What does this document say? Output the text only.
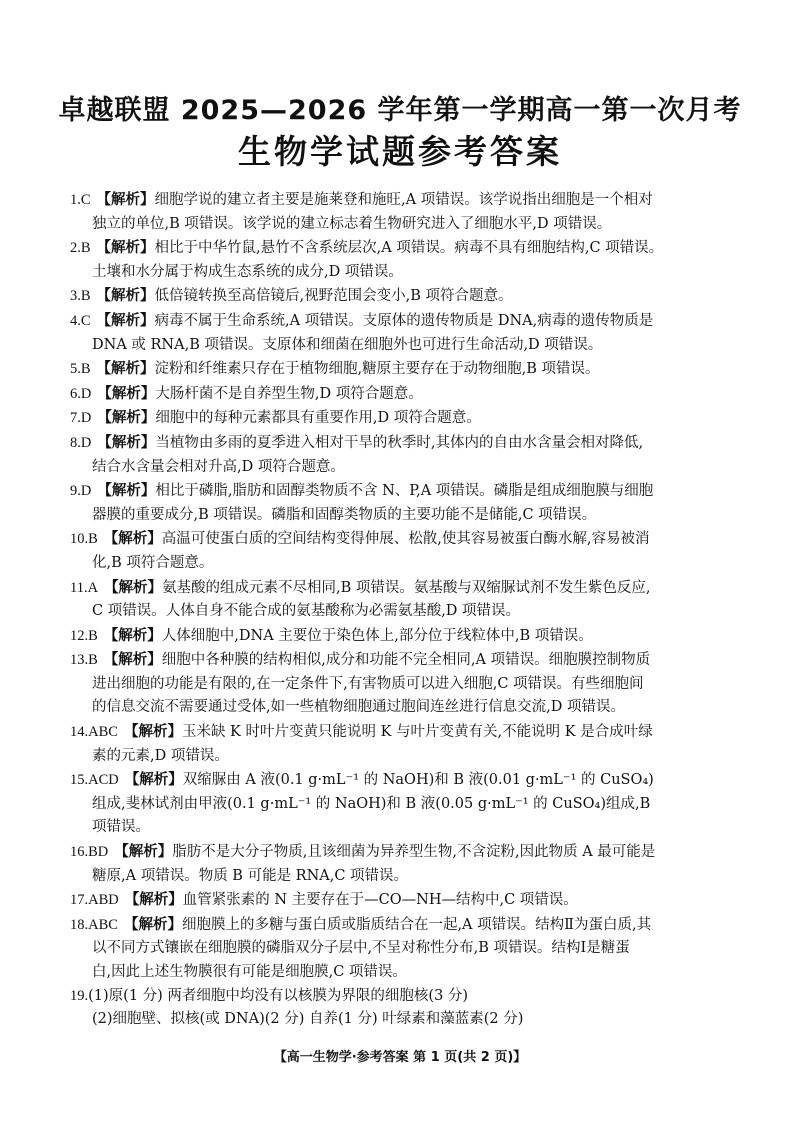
卓越联盟 2025—2026 学年第一学期高一第一次月考
生物学试题参考答案
1.C 【解析】细胞学说的建立者主要是施莱登和施旺,A 项错误。该学说指出细胞是一个相对
独立的单位,B 项错误。该学说的建立标志着生物研究进入了细胞水平,D 项错误。
2.B 【解析】相比于中华竹鼠,悬竹不含系统层次,A 项错误。病毒不具有细胞结构,C 项错误。
土壤和水分属于构成生态系统的成分,D 项错误。
3.B 【解析】低倍镜转换至高倍镜后,视野范围会变小,B 项符合题意。
4.C 【解析】病毒不属于生命系统,A 项错误。支原体的遗传物质是 DNA,病毒的遗传物质是
DNA 或 RNA,B 项错误。支原体和细菌在细胞外也可进行生命活动,D 项错误。
5.B 【解析】淀粉和纤维素只存在于植物细胞,糖原主要存在于动物细胞,B 项错误。
6.D 【解析】大肠杆菌不是自养型生物,D 项符合题意。
7.D 【解析】细胞中的每种元素都具有重要作用,D 项符合题意。
8.D 【解析】当植物由多雨的夏季进入相对干旱的秋季时,其体内的自由水含量会相对降低,
结合水含量会相对升高,D 项符合题意。
9.D 【解析】相比于磷脂,脂肪和固醇类物质不含 N、P,A 项错误。磷脂是组成细胞膜与细胞
器膜的重要成分,B 项错误。磷脂和固醇类物质的主要功能不是储能,C 项错误。
10.B 【解析】高温可使蛋白质的空间结构变得伸展、松散,使其容易被蛋白酶水解,容易被消
化,B 项符合题意。
11.A 【解析】氨基酸的组成元素不尽相同,B 项错误。氨基酸与双缩脲试剂不发生紫色反应,
C 项错误。人体自身不能合成的氨基酸称为必需氨基酸,D 项错误。
12.B 【解析】人体细胞中,DNA 主要位于染色体上,部分位于线粒体中,B 项错误。
13.B 【解析】细胞中各种膜的结构相似,成分和功能不完全相同,A 项错误。细胞膜控制物质
进出细胞的功能是有限的,在一定条件下,有害物质可以进入细胞,C 项错误。有些细胞间
的信息交流不需要通过受体,如一些植物细胞通过胞间连丝进行信息交流,D 项错误。
14.ABC 【解析】玉米缺 K 时叶片变黄只能说明 K 与叶片变黄有关,不能说明 K 是合成叶绿
素的元素,D 项错误。
15.ACD 【解析】双缩脲由 A 液(0.1 g·mL⁻¹ 的 NaOH)和 B 液(0.01 g·mL⁻¹ 的 CuSO₄)
组成,斐林试剂由甲液(0.1 g·mL⁻¹ 的 NaOH)和 B 液(0.05 g·mL⁻¹ 的 CuSO₄)组成,B
项错误。
16.BD 【解析】脂肪不是大分子物质,且该细菌为异养型生物,不含淀粉,因此物质 A 最可能是
糖原,A 项错误。物质 B 可能是 RNA,C 项错误。
17.ABD 【解析】血管紧张素的 N 主要存在于—CO—NH—结构中,C 项错误。
18.ABC 【解析】细胞膜上的多糖与蛋白质或脂质结合在一起,A 项错误。结构Ⅱ为蛋白质,其
以不同方式镶嵌在细胞膜的磷脂双分子层中,不呈对称性分布,B 项错误。结构Ⅰ是糖蛋
白,因此上述生物膜很有可能是细胞膜,C 项错误。
19.(1)原(1 分) 两者细胞中均没有以核膜为界限的细胞核(3 分)
(2)细胞壁、拟核(或 DNA)(2 分) 自养(1 分) 叶绿素和藻蓝素(2 分)
【高一生物学·参考答案 第 1 页(共 2 页)】
